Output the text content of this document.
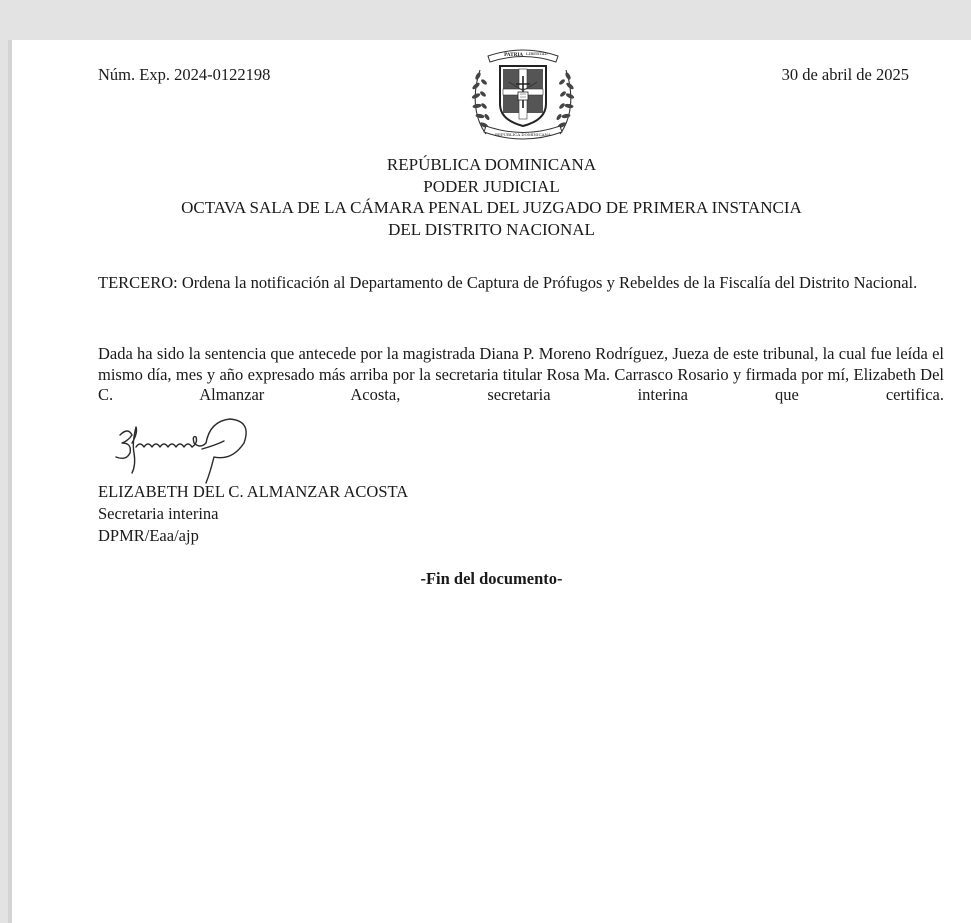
Núm. Exp. 2024-0122198	30 de abril de 2025
PATRIA LIBERTAD
REPÚBLICA DOMINICANA
REPÚBLICA DOMINICANA
PODER JUDICIAL
OCTAVA SALA DE LA CÁMARA PENAL DEL JUZGADO DE PRIMERA INSTANCIA
DEL DISTRITO NACIONAL
TERCERO: Ordena la notificación al Departamento de Captura de Prófugos y Rebeldes de la Fiscalía del Distrito Nacional.
Dada ha sido la sentencia que antecede por la magistrada Diana P. Moreno Rodríguez, Jueza de este tribunal, la cual fue leída el mismo día, mes y año expresado más arriba por la secretaria titular Rosa Ma. Carrasco Rosario y firmada por mí, Elizabeth Del C. Almanzar Acosta, secretaria interina que certifica.
ELIZABETH DEL C. ALMANZAR ACOSTA
Secretaria interina
DPMR/Eaa/ajp
-Fin del documento-
